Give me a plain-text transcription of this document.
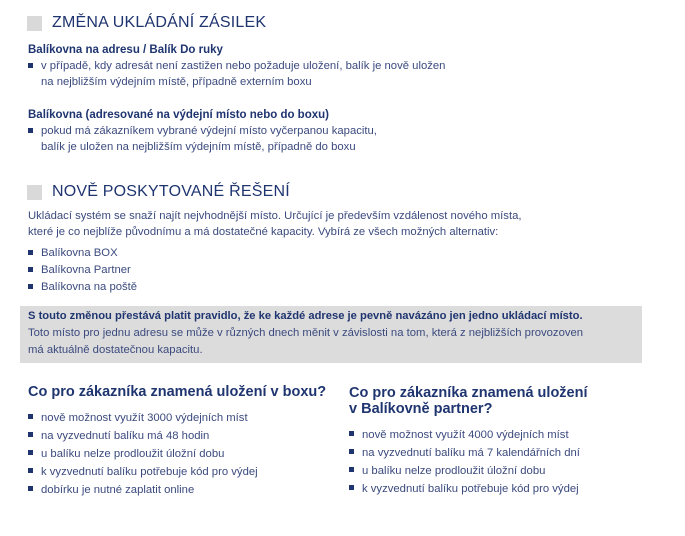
ZMĚNA UKLÁDÁNÍ ZÁSILEK
Balíkovna na adresu / Balík Do ruky
v případě, kdy adresát není zastižen nebo požaduje uložení, balík je nově uložen
na nejbližším výdejním místě, případně externím boxu
Balíkovna (adresované na výdejní místo nebo do boxu)
pokud má zákazníkem vybrané výdejní místo vyčerpanou kapacitu,
balík je uložen na nejbližším výdejním místě, případně do boxu
NOVĚ POSKYTOVANÉ ŘEŠENÍ
Ukládací systém se snaží najít nejvhodnější místo. Určující je především vzdálenost nového místa,
které je co nejblíže původnímu a má dostatečné kapacity. Vybírá ze všech možných alternativ:
Balíkovna BOX
Balíkovna Partner
Balíkovna na poště
S touto změnou přestává platit pravidlo, že ke každé adrese je pevně navázáno jen jedno ukládací místo.
Toto místo pro jednu adresu se může v různých dnech měnit v závislosti na tom, která z nejbližších provozoven
má aktuálně dostatečnou kapacitu.
Co pro zákazníka znamená uložení v boxu?
nově možnost využít 3000 výdejních míst
na vyzvednutí balíku má 48 hodin
u balíku nelze prodloužit úložní dobu
k vyzvednutí balíku potřebuje kód pro výdej
dobírku je nutné zaplatit online
Co pro zákazníka znamená uložení
v Balíkovně partner?
nově možnost využít 4000 výdejních míst
na vyzvednutí balíku má 7 kalendářních dní
u balíku nelze prodloužit úložní dobu
k vyzvednutí balíku potřebuje kód pro výdej
